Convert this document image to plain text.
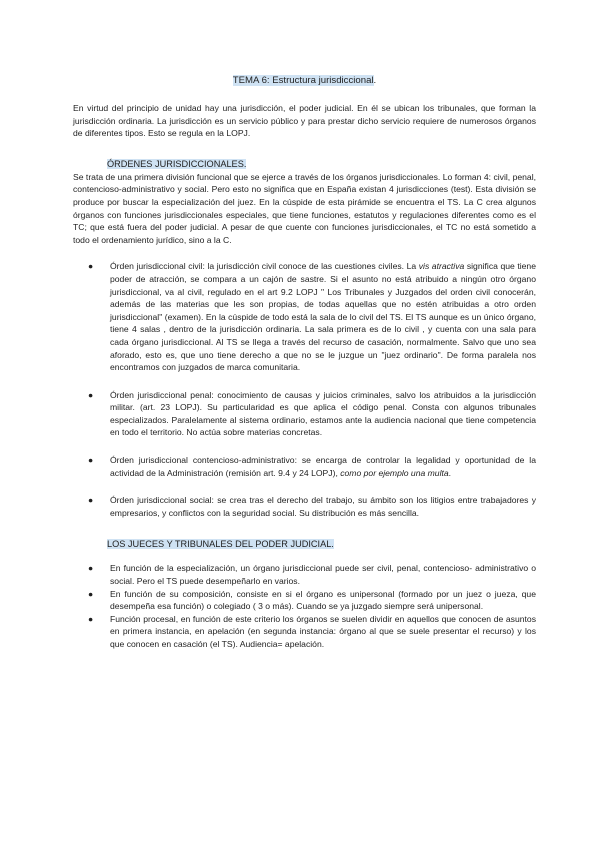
TEMA 6: Estructura jurisdiccional.

En virtud del principio de unidad hay una jurisdicción, el poder judicial. En él se ubican los tribunales, que forman la jurisdicción ordinaria. La jurisdicción es un servicio público y para prestar dicho servicio requiere de numerosos órganos de diferentes tipos. Esto se regula en la LOPJ.

ÓRDENES JURISDICCIONALES.

Se trata de una primera división funcional que se ejerce a través de los órganos jurisdiccionales. Lo forman 4: civil, penal, contencioso-administrativo y social. Pero esto no significa que en España existan 4 jurisdicciones (test). Esta división se produce por buscar la especialización del juez. En la cúspide de esta pirámide se encuentra el TS. La C crea algunos órganos con funciones jurisdiccionales especiales, que tiene funciones, estatutos y regulaciones diferentes como es el TC; que está fuera del poder judicial. A pesar de que cuente con funciones jurisdiccionales, el TC no está sometido a todo el ordenamiento jurídico, sino a la C.

● Órden jurisdiccional civil: la jurisdicción civil conoce de las cuestiones civiles. La vis atractiva significa que tiene poder de atracción, se compara a un cajón de sastre. Si el asunto no está atribuido a ningún otro órgano jurisdiccional, va al civil, regulado en el art 9.2 LOPJ " Los Tribunales y Juzgados del orden civil conocerán, además de las materias que les son propias, de todas aquellas que no estén atribuidas a otro orden jurisdiccional" (examen). En la cúspide de todo está la sala de lo civil del TS. El TS aunque es un único órgano, tiene 4 salas , dentro de la jurisdicción ordinaria. La sala primera es de lo civil , y cuenta con una sala para cada órgano jurisdiccional. Al TS se llega a través del recurso de casación, normalmente. Salvo que uno sea aforado, esto es, que uno tiene derecho a que no se le juzgue un "juez ordinario". De forma paralela nos encontramos con juzgados de marca comunitaria.
● Órden jurisdiccional penal: conocimiento de causas y juicios criminales, salvo los atribuidos a la jurisdicción militar. (art. 23 LOPJ). Su particularidad es que aplica el código penal. Consta con algunos tribunales especializados. Paralelamente al sistema ordinario, estamos ante la audiencia nacional que tiene competencia en todo el territorio. No actúa sobre materias concretas.
● Órden jurisdiccional contencioso-administrativo: se encarga de controlar la legalidad y oportunidad de la actividad de la Administración (remisión art. 9.4 y 24 LOPJ), como por ejemplo una multa.
● Órden jurisdiccional social: se crea tras el derecho del trabajo, su ámbito son los litigios entre trabajadores y empresarios, y conflictos con la seguridad social. Su distribución es más sencilla.
LOS JUECES Y TRIBUNALES DEL PODER JUDICIAL.
● En función de la especialización, un órgano jurisdiccional puede ser civil, penal, contencioso- administrativo o social. Pero el TS puede desempeñarlo en varios.
● En función de su composición, consiste en si el órgano es unipersonal (formado por un juez o jueza, que desempeña esa función) o colegiado ( 3 o más). Cuando se ya juzgado siempre será unipersonal.
● Función procesal, en función de este criterio los órganos se suelen dividir en aquellos que conocen de asuntos en primera instancia, en apelación (en segunda instancia: órgano al que se suele presentar el recurso) y los que conocen en casación (el TS). Audiencia= apelación.
